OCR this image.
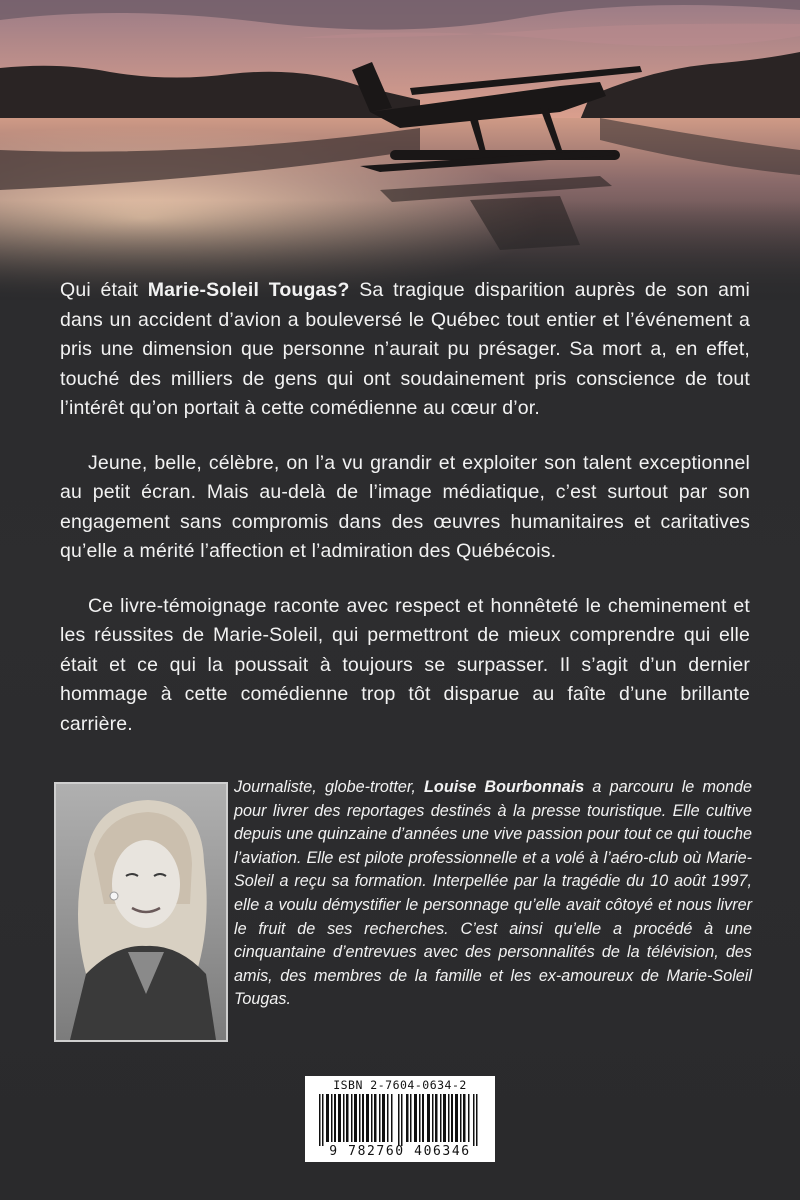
Qui était Marie-Soleil Tougas? Sa tragique disparition auprès de son ami dans un accident d’avion a bouleversé le Québec tout entier et l’événement a pris une dimension que personne n’aurait pu présager. Sa mort a, en effet, touché des milliers de gens qui ont soudainement pris conscience de tout l’intérêt qu’on portait à cette comédienne au cœur d’or.

Jeune, belle, célèbre, on l’a vu grandir et exploiter son talent exceptionnel au petit écran. Mais au-delà de l’image médiatique, c’est surtout par son engagement sans compromis dans des œuvres humanitaires et caritatives qu’elle a mérité l’affection et l’admiration des Québécois.

Ce livre-témoignage raconte avec respect et honnêteté le cheminement et les réussites de Marie-Soleil, qui permettront de mieux comprendre qui elle était et ce qui la poussait à toujours se surpasser. Il s’agit d’un dernier hommage à cette comédienne trop tôt disparue au faîte d’une brillante carrière.

Journaliste, globe-trotter, Louise Bourbonnais a parcouru le monde pour livrer des reportages destinés à la presse touristique. Elle cultive depuis une quinzaine d’années une vive passion pour tout ce qui touche l’aviation. Elle est pilote professionnelle et a volé à l’aéro-club où Marie-Soleil a reçu sa formation. Interpellée par la tragédie du 10 août 1997, elle a voulu démystifier le personnage qu’elle avait côtoyé et nous livrer le fruit de ses recherches. C’est ainsi qu’elle a procédé à une cinquantaine d’entrevues avec des personnalités de la télévision, des amis, des membres de la famille et les ex-amoureux de Marie-Soleil Tougas.
ISBN 2-7604-0634-2
9 782760 406346
